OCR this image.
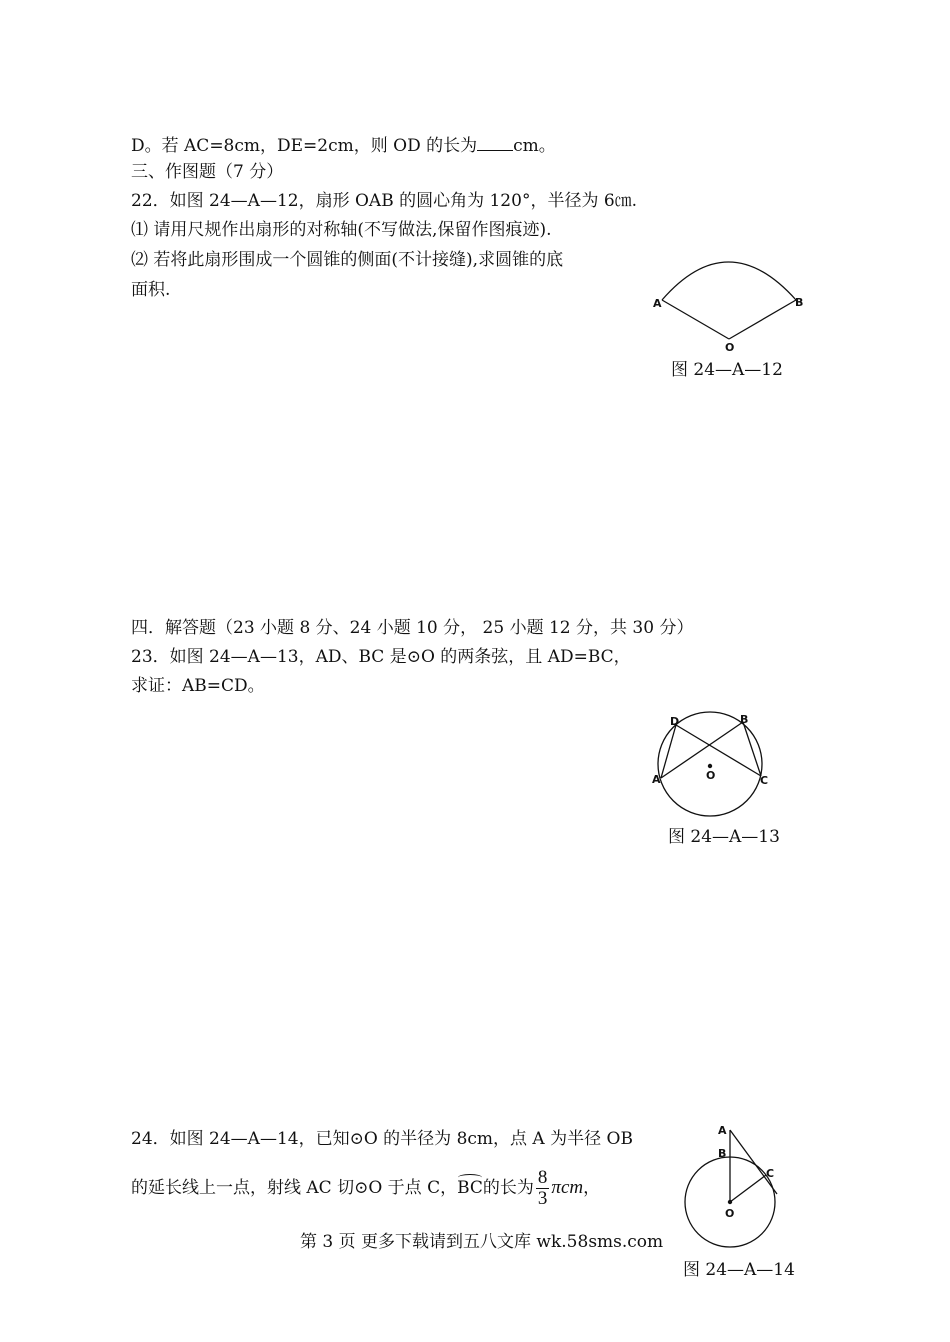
D。若 AC=8cm，DE=2cm，则 OD 的长为 cm。
三、作图题（7 分）
22．如图 24—A—12，扇形 OAB 的圆心角为 120°，半径为 6㎝.
⑴ 请用尺规作出扇形的对称轴(不写做法,保留作图痕迹).
⑵ 若将此扇形围成一个圆锥的侧面(不计接缝),求圆锥的底
面积.
A	B
O
图 24—A—12
四．解答题（23 小题 8 分、24 小题 10 分， 25 小题 12 分，共 30 分）
23．如图 24—A—13，AD、BC 是⊙O 的两条弦，且 AD=BC，
求证：AB=CD。
D	B
A	C
O
图 24—A—13
24．如图 24—A—14，已知⊙O 的半径为 8cm，点 A 为半径 OB
的延长线上一点，射线 AC 切⊙O 于点 C，BC的长为 $\frac{8}{3}$ πcm，
A
B
C
O
图 24—A—14
第 3 页 更多下载请到五八文库 wk.58sms.com
